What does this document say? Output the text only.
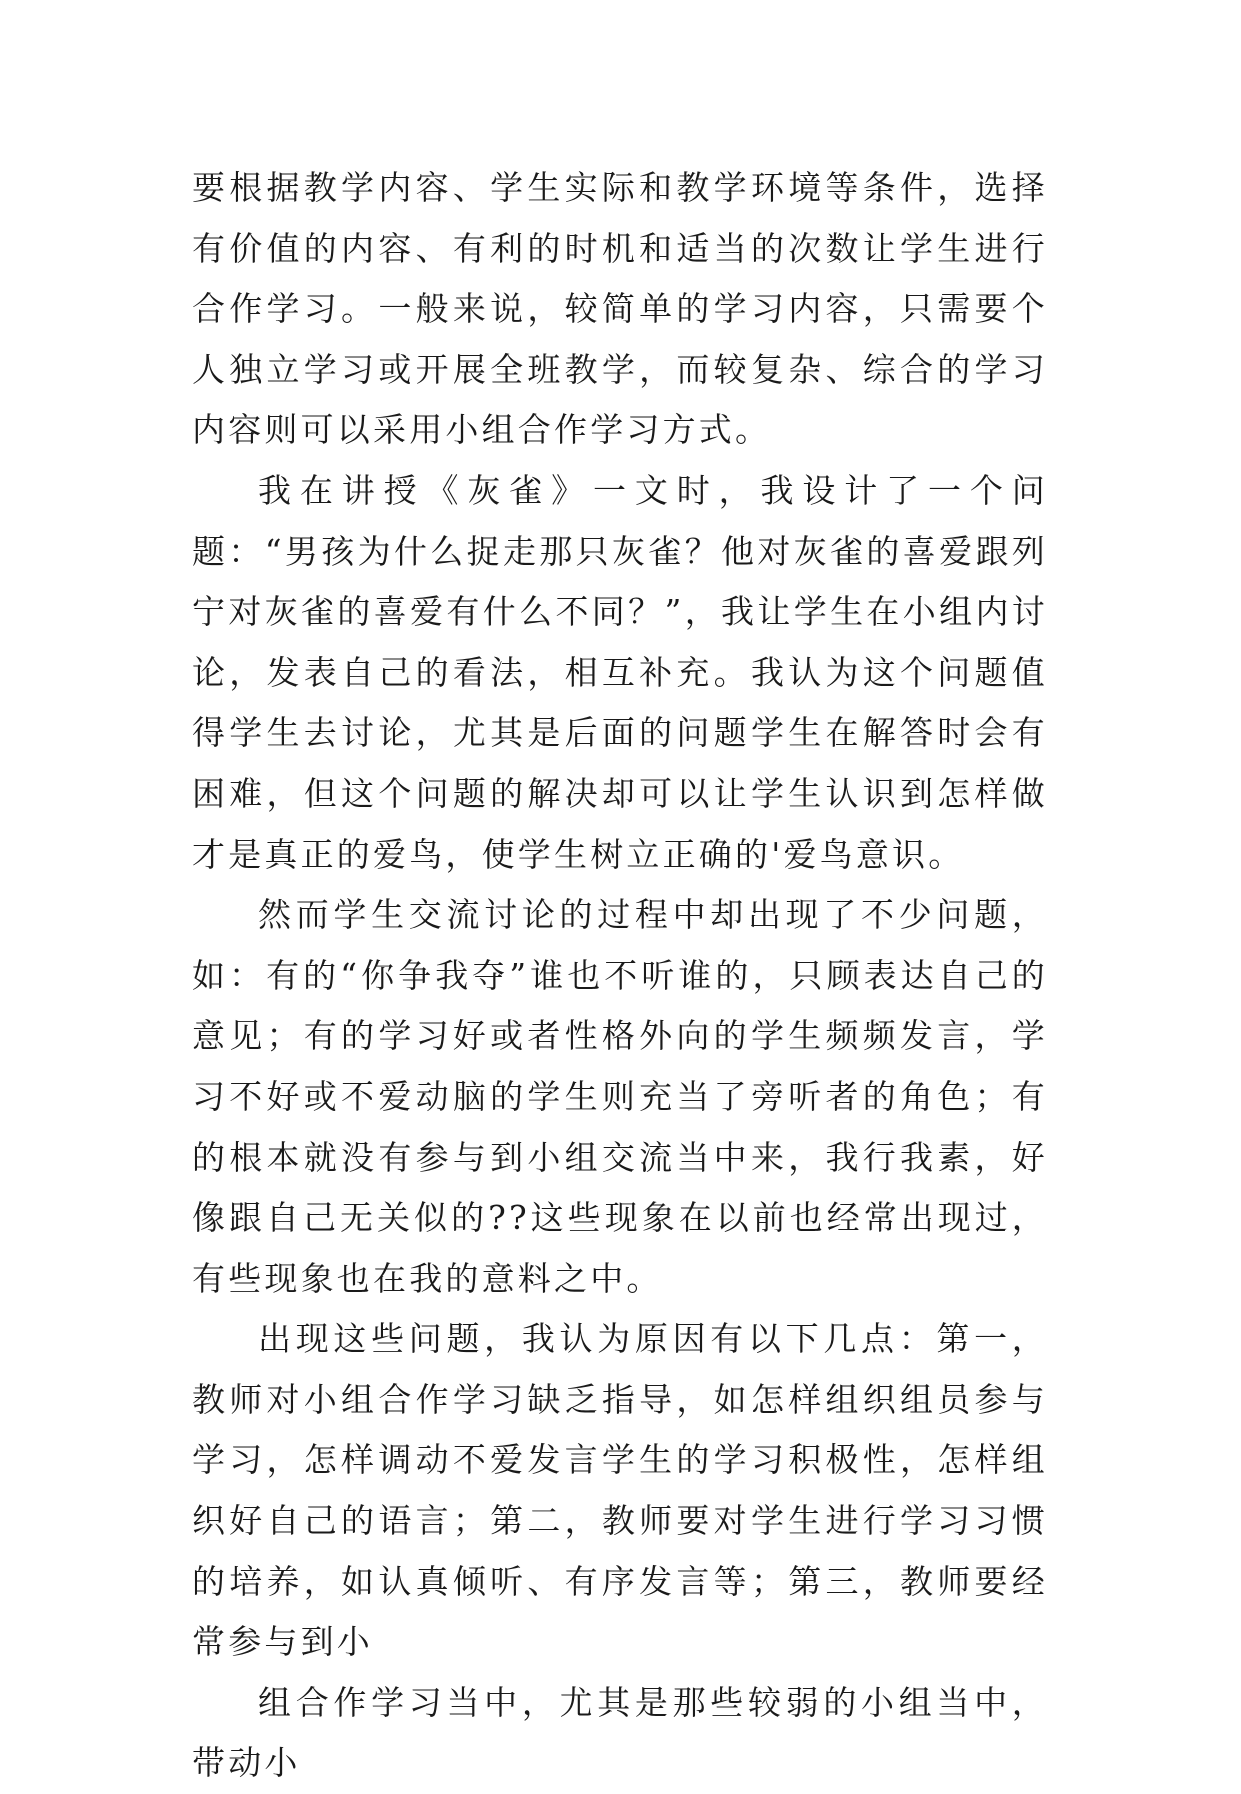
要根据教学内容、学生实际和教学环境等条件，选择有价值的内容、有利的时机和适当的次数让学生进行合作学习。一般来说，较简单的学习内容，只需要个人独立学习或开展全班教学，而较复杂、综合的学习内容则可以采用小组合作学习方式。

我在讲授《灰雀》一文时，我设计了一个问题：“男孩为什么捉走那只灰雀？他对灰雀的喜爱跟列宁对灰雀的喜爱有什么不同？”，我让学生在小组内讨论，发表自己的看法，相互补充。我认为这个问题值得学生去讨论，尤其是后面的问题学生在解答时会有困难，但这个问题的解决却可以让学生认识到怎样做才是真正的爱鸟，使学生树立正确的'爱鸟意识。

然而学生交流讨论的过程中却出现了不少问题，如：有的“你争我夺”谁也不听谁的，只顾表达自己的意见；有的学习好或者性格外向的学生频频发言，学习不好或不爱动脑的学生则充当了旁听者的角色；有的根本就没有参与到小组交流当中来，我行我素，好像跟自己无关似的??这些现象在以前也经常出现过，有些现象也在我的意料之中。

出现这些问题，我认为原因有以下几点：第一，教师对小组合作学习缺乏指导，如怎样组织组员参与学习，怎样调动不爱发言学生的学习积极性，怎样组织好自己的语言；第二，教师要对学生进行学习习惯的培养，如认真倾听、有序发言等；第三，教师要经常参与到小

组合作学习当中，尤其是那些较弱的小组当中，带动小
